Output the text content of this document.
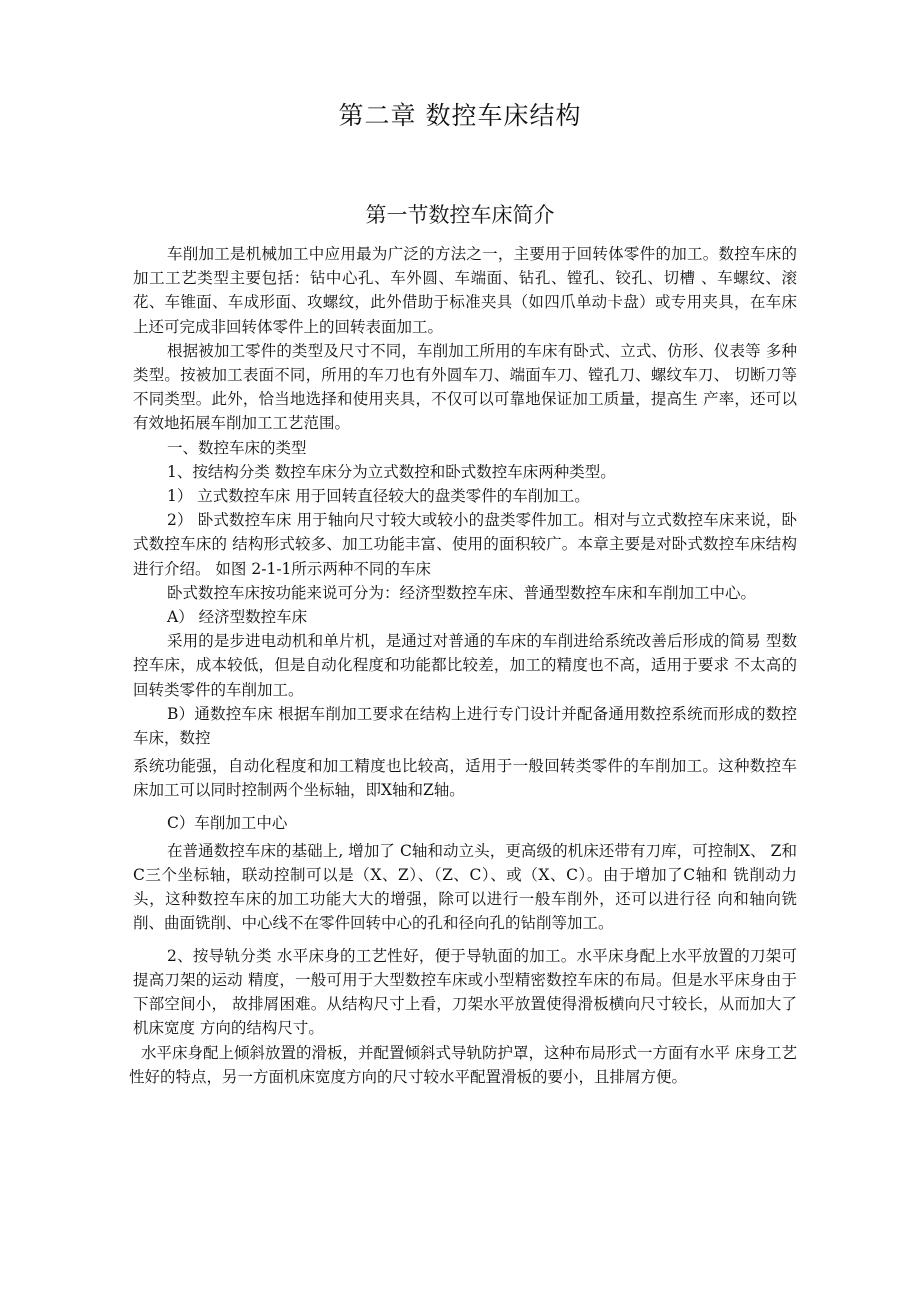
第二章 数控车床结构
第一节数控车床简介

车削加工是机械加工中应用最为广泛的方法之一，主要用于回转体零件的加工。数控车床的加工工艺类型主要包括：钻中心孔、车外圆、车端面、钻孔、镗孔、铰孔、切槽 、车螺纹、滚花、车锥面、车成形面、攻螺纹，此外借助于标准夹具（如四爪单动卡盘）或专用夹具，在车床上还可完成非回转体零件上的回转表面加工。

根据被加工零件的类型及尺寸不同，车削加工所用的车床有卧式、立式、仿形、仪表等 多种类型。按被加工表面不同，所用的车刀也有外圆车刀、端面车刀、镗孔刀、螺纹车刀、 切断刀等不同类型。此外，恰当地选择和使用夹具，不仅可以可靠地保证加工质量，提高生 产率，还可以有效地拓展车削加工工艺范围。

一、数控车床的类型

1、按结构分类 数控车床分为立式数控和卧式数控车床两种类型。

1） 立式数控车床 用于回转直径较大的盘类零件的车削加工。

2） 卧式数控车床 用于轴向尺寸较大或较小的盘类零件加工。相对与立式数控车床来说，卧式数控车床的 结构形式较多、加工功能丰富、使用的面积较广。本章主要是对卧式数控车床结构进行介绍。 如图 2-1-1所示两种不同的车床

卧式数控车床按功能来说可分为：经济型数控车床、普通型数控车床和车削加工中心。

A） 经济型数控车床

采用的是步进电动机和单片机，是通过对普通的车床的车削进给系统改善后形成的简易 型数控车床，成本较低，但是自动化程度和功能都比较差，加工的精度也不高，适用于要求 不太高的回转类零件的车削加工。

B）通数控车床 根据车削加工要求在结构上进行专门设计并配备通用数控系统而形成的数控车床，数控

系统功能强，自动化程度和加工精度也比较高，适用于一般回转类零件的车削加工。这种数控车床加工可以同时控制两个坐标轴，即X轴和Z轴。

C）车削加工中心

在普通数控车床的基础上, 增加了 C轴和动立头，更高级的机床还带有刀库，可控制X、 Z和C三个坐标轴，联动控制可以是（X、Z）、（Z、C）、或（X、C）。由于增加了C轴和 铣削动力头，这种数控车床的加工功能大大的增强，除可以进行一般车削外，还可以进行径 向和轴向铣削、曲面铣削、中心线不在零件回转中心的孔和径向孔的钻削等加工。

2、按导轨分类 水平床身的工艺性好，便于导轨面的加工。水平床身配上水平放置的刀架可提高刀架的运动 精度，一般可用于大型数控车床或小型精密数控车床的布局。但是水平床身由于下部空间小， 故排屑困难。从结构尺寸上看，刀架水平放置使得滑板横向尺寸较长，从而加大了机床宽度 方向的结构尺寸。

水平床身配上倾斜放置的滑板，并配置倾斜式导轨防护罩，这种布局形式一方面有水平 床身工艺性好的特点，另一方面机床宽度方向的尺寸较水平配置滑板的要小，且排屑方便。
